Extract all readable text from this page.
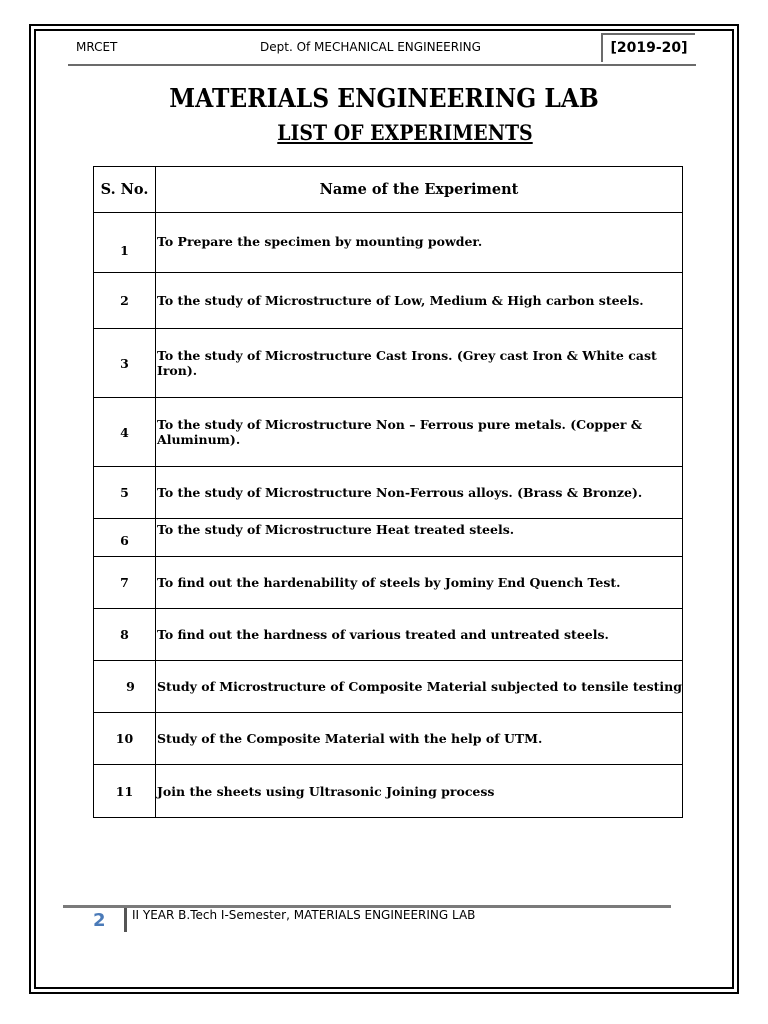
MRCET	Dept. Of MECHANICAL ENGINEERING	[2019-20]
MATERIALS ENGINEERING LAB
LIST OF EXPERIMENTS
S. No.	Name of the Experiment
1	To Prepare the specimen by mounting powder.
2	To the study of Microstructure of Low, Medium & High carbon steels.
3	To the study of Microstructure Cast Irons. (Grey cast Iron & White cast Iron).
4	To the study of Microstructure Non – Ferrous pure metals. (Copper & Aluminum).
5	To the study of Microstructure Non-Ferrous alloys. (Brass & Bronze).
6	To the study of Microstructure Heat treated steels.
7	To find out the hardenability of steels by Jominy End Quench Test.
8	To find out the hardness of various treated and untreated steels.
9	Study of Microstructure of Composite Material subjected to tensile testing
10	Study of the Composite Material with the help of UTM.
11	Join the sheets using Ultrasonic Joining process
2 II YEAR B.Tech I-Semester, MATERIALS ENGINEERING LAB
